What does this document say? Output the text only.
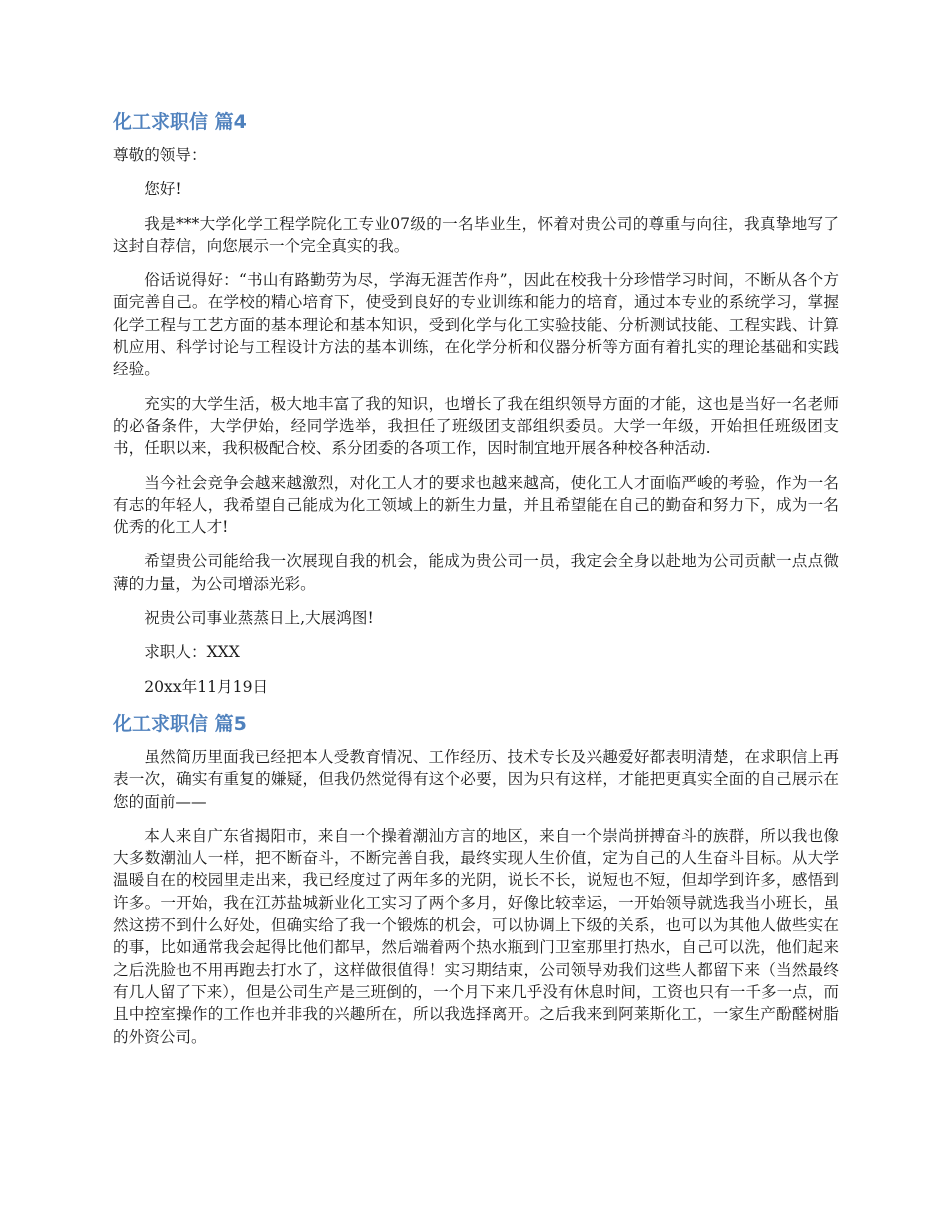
化工求职信 篇4

尊敬的领导：

您好!

我是***大学化学工程学院化工专业07级的一名毕业生，怀着对贵公司的尊重与向往，我真挚地写了这封自荐信，向您展示一个完全真实的我。

俗话说得好：“书山有路勤劳为尽，学海无涯苦作舟”，因此在校我十分珍惜学习时间，不断从各个方面完善自己。在学校的精心培育下，使受到良好的专业训练和能力的培育，通过本专业的系统学习，掌握化学工程与工艺方面的基本理论和基本知识，受到化学与化工实验技能、分析测试技能、工程实践、计算机应用、科学讨论与工程设计方法的基本训练，在化学分析和仪器分析等方面有着扎实的理论基础和实践经验。

充实的大学生活，极大地丰富了我的知识，也增长了我在组织领导方面的才能，这也是当好一名老师的必备条件，大学伊始，经同学选举，我担任了班级团支部组织委员。大学一年级，开始担任班级团支书，任职以来，我积极配合校、系分团委的各项工作，因时制宜地开展各种校各种活动.

当今社会竞争会越来越激烈，对化工人才的要求也越来越高，使化工人才面临严峻的考验，作为一名有志的年轻人，我希望自己能成为化工领域上的新生力量，并且希望能在自己的勤奋和努力下，成为一名优秀的化工人才!

希望贵公司能给我一次展现自我的机会，能成为贵公司一员，我定会全身以赴地为公司贡献一点点微薄的力量，为公司增添光彩。

祝贵公司事业蒸蒸日上,大展鸿图!

求职人：XXX

20xx年11月19日

化工求职信 篇5

虽然简历里面我已经把本人受教育情况、工作经历、技术专长及兴趣爱好都表明清楚，在求职信上再表一次，确实有重复的嫌疑，但我仍然觉得有这个必要，因为只有这样，才能把更真实全面的自己展示在您的面前——

本人来自广东省揭阳市，来自一个操着潮汕方言的地区，来自一个崇尚拼搏奋斗的族群，所以我也像大多数潮汕人一样，把不断奋斗，不断完善自我，最终实现人生价值，定为自己的人生奋斗目标。从大学温暖自在的校园里走出来，我已经度过了两年多的光阴，说长不长，说短也不短，但却学到许多，感悟到许多。一开始，我在江苏盐城新业化工实习了两个多月，好像比较幸运，一开始领导就选我当小班长，虽然这捞不到什么好处，但确实给了我一个锻炼的机会，可以协调上下级的关系，也可以为其他人做些实在的事，比如通常我会起得比他们都早，然后端着两个热水瓶到门卫室那里打热水，自己可以洗，他们起来之后洗脸也不用再跑去打水了，这样做很值得！实习期结束，公司领导劝我们这些人都留下来（当然最终有几人留了下来），但是公司生产是三班倒的，一个月下来几乎没有休息时间，工资也只有一千多一点，而且中控室操作的工作也并非我的兴趣所在，所以我选择离开。之后我来到阿莱斯化工，一家生产酚醛树脂的外资公司。
